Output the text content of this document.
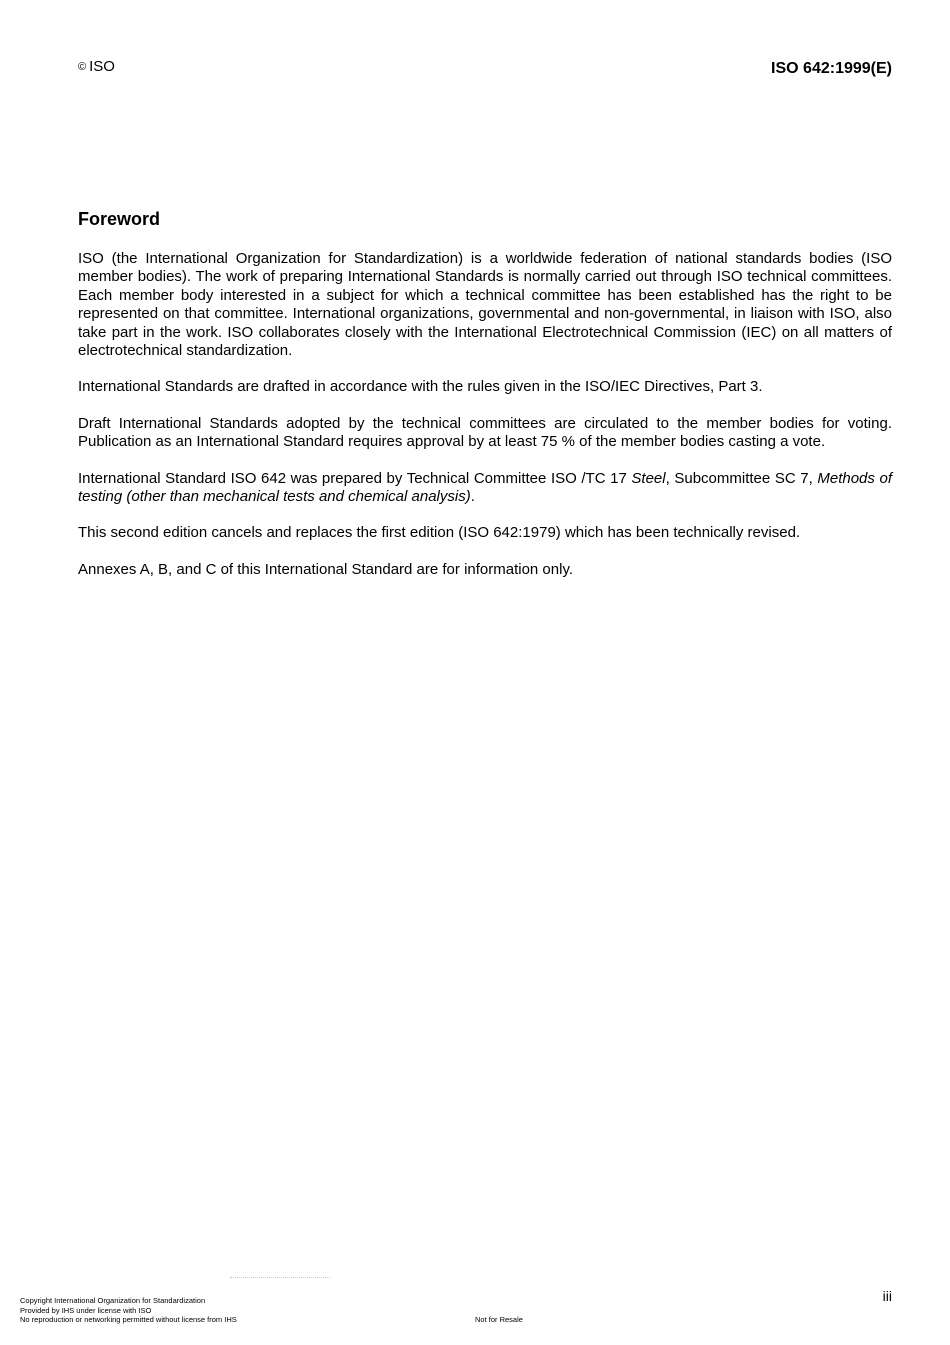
© ISO	ISO 642:1999(E)
Foreword

ISO (the International Organization for Standardization) is a worldwide federation of national standards bodies (ISO member bodies). The work of preparing International Standards is normally carried out through ISO technical committees. Each member body interested in a subject for which a technical committee has been established has the right to be represented on that committee. International organizations, governmental and non-governmental, in liaison with ISO, also take part in the work. ISO collaborates closely with the International Electrotechnical Commission (IEC) on all matters of electrotechnical standardization.

International Standards are drafted in accordance with the rules given in the ISO/IEC Directives, Part 3.

Draft International Standards adopted by the technical committees are circulated to the member bodies for voting. Publication as an International Standard requires approval by at least 75 % of the member bodies casting a vote.

International Standard ISO 642 was prepared by Technical Committee ISO /TC 17 Steel, Subcommittee SC 7, Methods of testing (other than mechanical tests and chemical analysis).

This second edition cancels and replaces the first edition (ISO 642:1979) which has been technically revised.

Annexes A, B, and C of this International Standard are for information only.

iii
Copyright International Organization for Standardization
Provided by IHS under license with ISO
No reproduction or networking permitted without license from IHS	Not for Resale
